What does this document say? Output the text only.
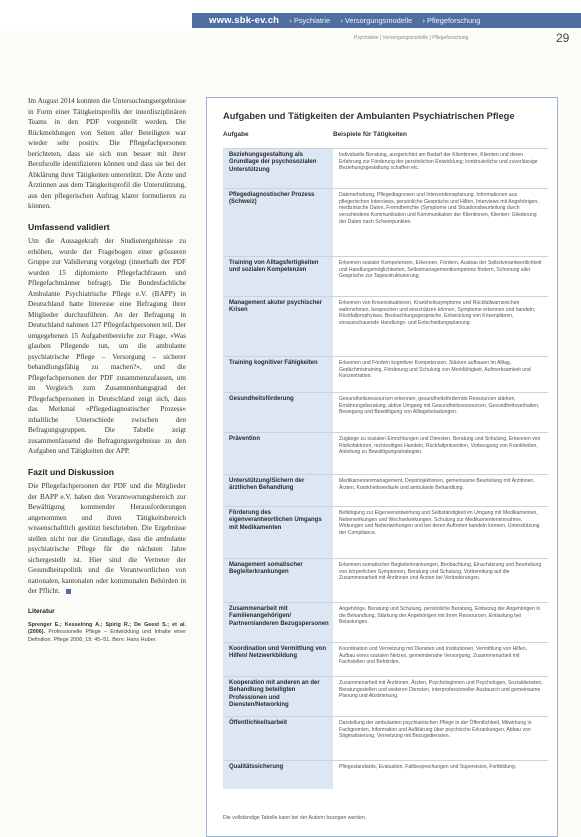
www.sbk-ev.ch › Psychiatrie › Versorgungsmodelle › Pflegeforschung
Psychiatrie | Versorgungsmodelle | Pflegeforschung	29

Im August 2014 konnten die Untersuchungsergebnisse in Form einer Tätigkeitsprofils der interdisziplinären Teams in den PDF vorgestellt werden. Die Rückmeldungen von Seiten aller Beteiligten war wieder sehr positiv. Die Pflegefachpersonen berichteten, dass sie sich nun besser mit ihrer Berufsrolle identifizieren können und dass sie bei der Abklärung ihrer Tätigkeiten unterstützt. Die Ärzte und Ärztinnen aus dem Tätigkeitsprofil die Unterstützung, aus den pflegerischen Auftrag klarer formulieren zu können.

Umfassend validiert

Um die Aussagekraft der Studienergebnisse zu erhöhen, wurde der Fragebogen einer grösseren Gruppe zur Validierung vorgelegt (innerhalb der PDF wurden 15 diplomierte Pflegefachfrauen und Pflegefachmänner befragt). Die Bundesfachliche Ambulante Psychiatrische Pflege e.V. (BAPP) in Deutschland hatte Interesse eine Befragung ihrer Mitglieder durchzuführen. An der Befragung in Deutschland nahmen 127 Pflegefachpersonen teil. Der umgegebenen 15 Aufgabenbereiche zur Frage, «Was glauben Pflegende tun, um die ambulante psychiatrische Pflege – Versorgung – sicherer behandlungsfähig zu machen?», und die Pflegefachpersonen der PDF zusammenzufassen, um im Vergleich zum Zusammenhangsgrad der Pflegefachpersonen in Deutschland zeigt sich, dass das Merkmal «Pflegediagnostischer Prozess» inhaltliche Unterschiede zwischen den Befragungsgruppen. Die Tabelle zeigt zusammenfassend die Befragungsergebnisse zu den Aufgaben und Tätigkeiten der APP.

Fazit und Diskussion

Die Pflegefachpersonen der PDF und die Mitglieder der BAPP e.V. haben den Verantwortungsbereich zur Bewältigung kommender Herausforderungen angenommen und ihren Tätigkeitsbereich wissenschaftlich gestützt beschrieben. Die Ergebnisse stellen nicht nur die Grundlage, dass die ambulante psychiatrische Pflege für die nächsten Jahre sichergestellt ist. Hier sind die Vertreter der Gesundheitspolitik und die Verantwortlichen von nationalen, kantonalen oder kommunalen Behörden in der Pflicht.

Literatur
Sprenger E.; Kesselring A.; Spirig R.; De Geest S.; et al. (2006). Professionelle Pflege – Entwicklung und Inhalte einer Definition. Pflege 2006; 19: 45–51. Bern: Hans Huber.
Aufgaben und Tätigkeiten der Ambulanten Psychiatrischen Pflege
Aufgabe	Beispiele für Tätigkeiten
Beziehungsgestaltung als Grundlage der psychosozialen Unterstützung	Individuelle Beratung, ausgerichtet am Bedarf der Klientinnen, Klienten und deren Erfahrung zur Förderung der persönlichen Entwicklung; kontinuierliche und zuverlässige Beziehungsgestaltung schaffen etc.
Pflegediagnostischer Prozess (Schweiz)	Datenerhebung, Pflegediagnosen und Interventionsplanung. Informationen aus pflegerischen Interviews, persönliche Gespräche und Hilfen, Interviews mit Angehörigen, medizinische Daten, Fremdberichte (Symptome und Situationsbeurteilung durch verschiedene Kommunikation und Kommunikation der Klientinnen, Klienten; Gliederung der Daten nach Schwerpunkten.
Training von Alltagsfertigkeiten und sozialen Kompetenzen	Erkennen sozialer Kompetenzen, Erkennen, Fördern, Ausbau der Selbstverantwortlichkeit und Handlungsmöglichkeiten, Selbstmanagementkompetenz fördern, Schonung aller Gespräche zur Tagesstrukturierung.
Management akuter psychischer Krisen	Erkennen von Krisensituationen, Krankheitssymptome und Rückfallwarnzeichen wahrnehmen, besprechen und einschätzen können, Symptome erkennen und handeln; Rückfallprophylaxe, Beobachtungsgespräche, Entwicklung von Krisenplänen, vorausschauende Handlungs- und Entscheidungsplanung.
Training kognitiver Fähigkeiten	Erkennen und Fördern kognitiver Kompetenzen, Stärken aufbauen im Alltag, Gedächtnistraining, Förderung und Schulung von Merkfähigkeit, Aufmerksamkeit und Konzentration.
Gesundheitsförderung	Gesundheitsressourcen erkennen, gesundheitsfördernde Ressourcen stärken, Ernährungsberatung, aktive Umgang mit Gesundheitsressourcen, Gesundheitsverhalten, Bewegung und Bewältigung von Alltagsbelastungen.
Prävention	Zugänge zu sozialen Einrichtungen und Diensten, Beratung und Schulung, Erkennen von Risikofaktoren, rechtzeitiges Handeln, Rückfallprävention, Vorbeugung von Krankheiten, Anleitung zu Bewältigungsstrategien.
Unterstützung/Sichern der ärztlichen Behandlung	Medikamentenmanagement, Depotinjektionen, gemeinsame Beurteilung mit Ärztinnen, Ärzten, Krankheitsverläufe und ambulante Behandlung.
Förderung des eigenverantwortlichen Umgangs mit Medikamenten	Befähigung zur Eigenverantwortung und Selbständigkeit im Umgang mit Medikamenten, Nebenwirkungen und Wechselwirkungen, Schulung zur Medikamenteneinnahme, Wirkungen und Nebenwirkungen und bei deren Auftreten handeln können, Unterstützung der Compliance.
Management somatischer Begleiterkrankungen	Erkennen somatischer Begleiterkrankungen, Beobachtung, Einschätzung und Beurteilung von körperlichen Symptomen, Beratung und Schulung, Vorbereitung auf die Zusammenarbeit mit Ärztinnen und Ärzten bei Veränderungen.
Zusammenarbeit mit Familienangehörigen/ Partnern/anderen Bezugspersonen	Angehörige, Beratung und Schulung, persönliche Beratung, Einbezug der Angehörigen in die Behandlung, Stärkung der Angehörigen mit ihren Ressourcen, Entlastung bei Belastungen.
Koordination und Vermittlung von Hilfen/ Netzwerkbildung	Koordination und Vernetzung mit Diensten und Institutionen, Vermittlung von Hilfen, Aufbau eines sozialen Netzes, gemeindenahe Versorgung, Zusammenarbeit mit Fachstellen und Behörden.
Kooperation mit anderen an der Behandlung beteiligten Professionen und Diensten/Networking	Zusammenarbeit mit Ärztinnen, Ärzten, Psychologinnen und Psychologen, Sozialdiensten, Beratungsstellen und weiteren Diensten, interprofessioneller Austausch und gemeinsame Planung und Abstimmung.
Öffentlichkeitsarbeit	Darstellung der ambulanten psychiatrischen Pflege in der Öffentlichkeit, Mitwirkung in Fachgremien, Information und Aufklärung über psychische Erkrankungen, Abbau von Stigmatisierung, Vernetzung mit Bezugsdiensten.
Qualitätssicherung	Pflegestandards, Evaluation, Fallbesprechungen und Supervision, Fortbildung.
Die vollständige Tabelle kann bei der Autorin bezogen werden.
